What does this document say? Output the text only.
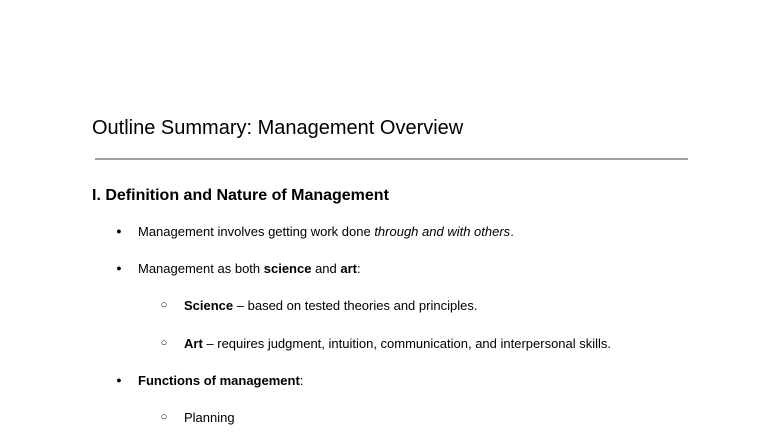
Outline Summary: Management Overview
I. Definition and Nature of Management
● Management involves getting work done through and with others.
● Management as both science and art:
○ Science – based on tested theories and principles.
○ Art – requires judgment, intuition, communication, and interpersonal skills.
● Functions of management:
○ Planning
